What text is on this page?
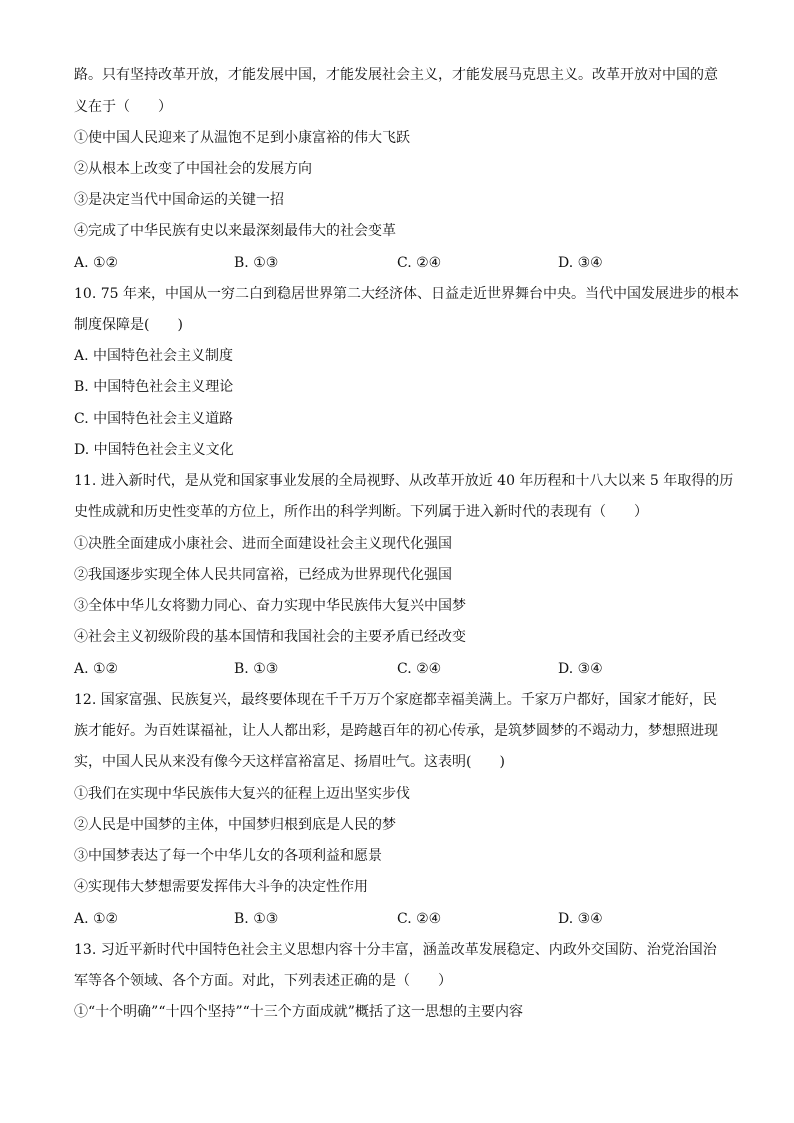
路。只有坚持改革开放，才能发展中国，才能发展社会主义，才能发展马克思主义。改革开放对中国的意
义在于（　　）
①使中国人民迎来了从温饱不足到小康富裕的伟大飞跃
②从根本上改变了中国社会的发展方向
③是决定当代中国命运的关键一招
④完成了中华民族有史以来最深刻最伟大的社会变革
A. ①②	B. ①③	C. ②④	D. ③④
10. 75 年来，中国从一穷二白到稳居世界第二大经济体、日益走近世界舞台中央。当代中国发展进步的根本
制度保障是(　　)
A. 中国特色社会主义制度
B. 中国特色社会主义理论
C. 中国特色社会主义道路
D. 中国特色社会主义文化
11. 进入新时代，是从党和国家事业发展的全局视野、从改革开放近 40 年历程和十八大以来 5 年取得的历
史性成就和历史性变革的方位上，所作出的科学判断。下列属于进入新时代的表现有（　　）
①决胜全面建成小康社会、进而全面建设社会主义现代化强国
②我国逐步实现全体人民共同富裕，已经成为世界现代化强国
③全体中华儿女将勠力同心、奋力实现中华民族伟大复兴中国梦
④社会主义初级阶段的基本国情和我国社会的主要矛盾已经改变
A. ①②	B. ①③	C. ②④	D. ③④
12. 国家富强、民族复兴，最终要体现在千千万万个家庭都幸福美满上。千家万户都好，国家才能好，民
族才能好。为百姓谋福祉，让人人都出彩，是跨越百年的初心传承，是筑梦圆梦的不竭动力，梦想照进现
实，中国人民从来没有像今天这样富裕富足、扬眉吐气。这表明(　　)
①我们在实现中华民族伟大复兴的征程上迈出坚实步伐
②人民是中国梦的主体，中国梦归根到底是人民的梦
③中国梦表达了每一个中华儿女的各项利益和愿景
④实现伟大梦想需要发挥伟大斗争的决定性作用
A. ①②	B. ①③	C. ②④	D. ③④
13. 习近平新时代中国特色社会主义思想内容十分丰富，涵盖改革发展稳定、内政外交国防、治党治国治
军等各个领域、各个方面。对此，下列表述正确的是（　　）
①“十个明确”“十四个坚持”“十三个方面成就”概括了这一思想的主要内容
